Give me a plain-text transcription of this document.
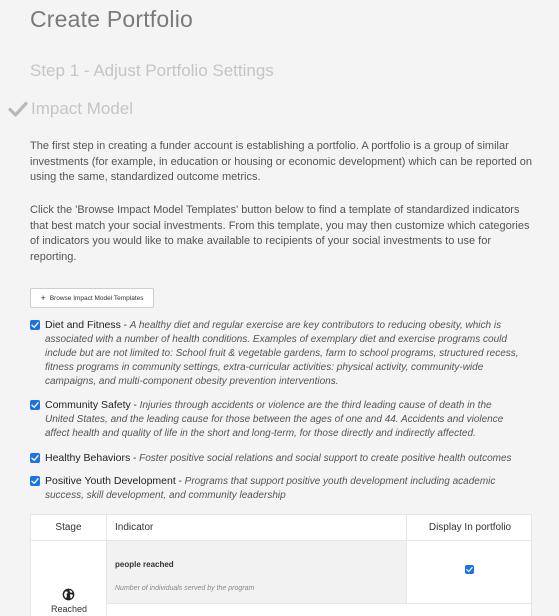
Create Portfolio
Step 1 - Adjust Portfolio Settings
Impact Model

The first step in creating a funder account is establishing a portfolio. A portfolio is a group of similar investments (for example, in education or housing or economic development) which can be reported on using the same, standardized outcome metrics.

Click the 'Browse Impact Model Templates' button below to find a template of standardized indicators that best match your social investments. From this template, you may then customize which categories of indicators you would like to make available to recipients of your social investments to use for reporting.

+ Browse Impact Model Templates
Diet and Fitness - A healthy diet and regular exercise are key contributors to reducing obesity, which is associated with a number of health conditions. Examples of exemplary diet and exercise programs could include but are not limited to: School fruit & vegetable gardens, farm to school programs, structured recess, fitness programs in community settings, extra-curricular activities: physical activity, community-wide campaigns, and multi-component obesity prevention interventions.
Community Safety - Injuries through accidents or violence are the third leading cause of death in the United States, and the leading cause for those between the ages of one and 44. Accidents and violence affect health and quality of life in the short and long-term, for those directly and indirectly affected.
Healthy Behaviors - Foster positive social relations and social support to create positive health outcomes
Positive Youth Development - Programs that support positive youth development including academic success, skill development, and community leadership
Stage	Indicator	Display In portfolio
Reached
people reached
Number of individuals served by the program
